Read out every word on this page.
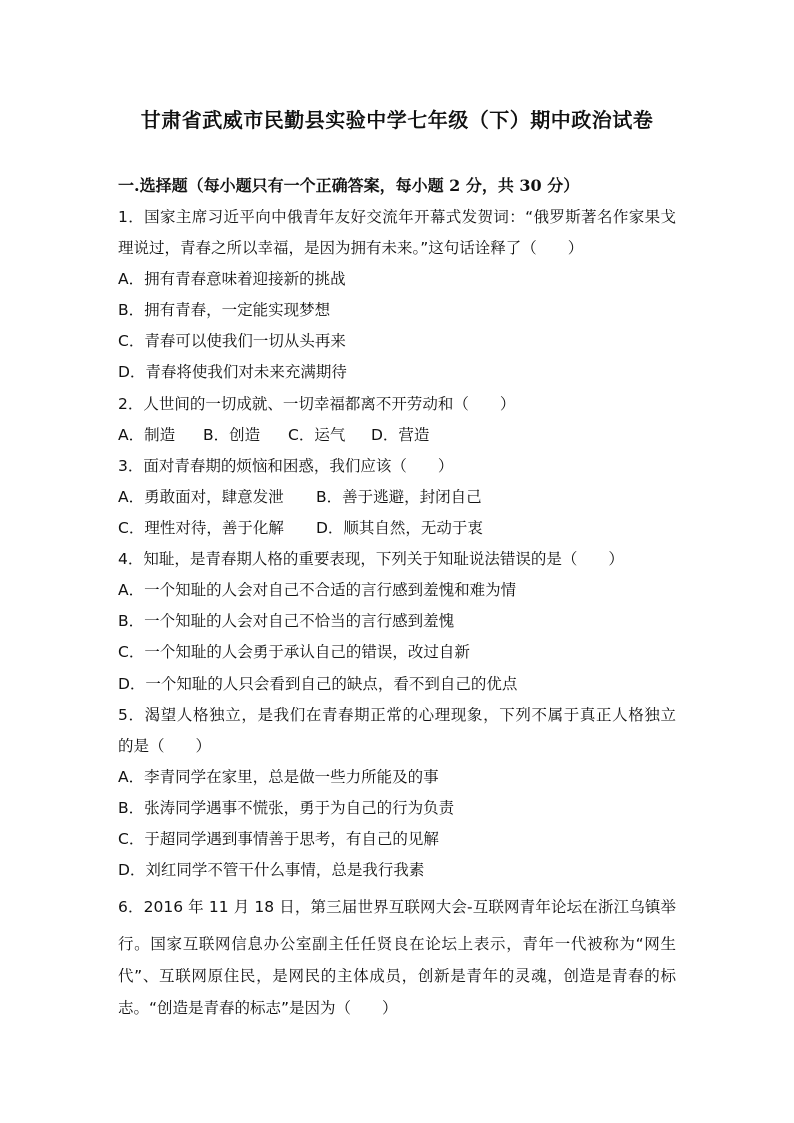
甘肃省武威市民勤县实验中学七年级（下）期中政治试卷
一.选择题（每小题只有一个正确答案，每小题 2 分，共 30 分）
1．国家主席习近平向中俄青年友好交流年开幕式发贺词：“俄罗斯著名作家果戈
理说过，青春之所以幸福，是因为拥有未来。”这句话诠释了（　　）
A．拥有青春意味着迎接新的挑战
B．拥有青春，一定能实现梦想
C．青春可以使我们一切从头再来
D．青春将使我们对未来充满期待
2．人世间的一切成就、一切幸福都离不开劳动和（　　）
A．制造 B．创造 C．运气 D．营造
3．面对青春期的烦恼和困惑，我们应该（　　）
A．勇敢面对，肆意发泄 B．善于逃避，封闭自己
C．理性对待，善于化解 D．顺其自然，无动于衷
4．知耻，是青春期人格的重要表现，下列关于知耻说法错误的是（　　）
A．一个知耻的人会对自己不合适的言行感到羞愧和难为情
B．一个知耻的人会对自己不恰当的言行感到羞愧
C．一个知耻的人会勇于承认自己的错误，改过自新
D．一个知耻的人只会看到自己的缺点，看不到自己的优点
5．渴望人格独立，是我们在青春期正常的心理现象，下列不属于真正人格独立
的是（　　）
A．李青同学在家里，总是做一些力所能及的事
B．张涛同学遇事不慌张，勇于为自己的行为负责
C．于超同学遇到事情善于思考，有自己的见解
D．刘红同学不管干什么事情，总是我行我素
6．2016 年 11 月 18 日，第三届世界互联网大会-互联网青年论坛在浙江乌镇举
行。国家互联网信息办公室副主任任贤良在论坛上表示，青年一代被称为“网生
代”、互联网原住民，是网民的主体成员，创新是青年的灵魂，创造是青春的标
志。“创造是青春的标志”是因为（　　）
